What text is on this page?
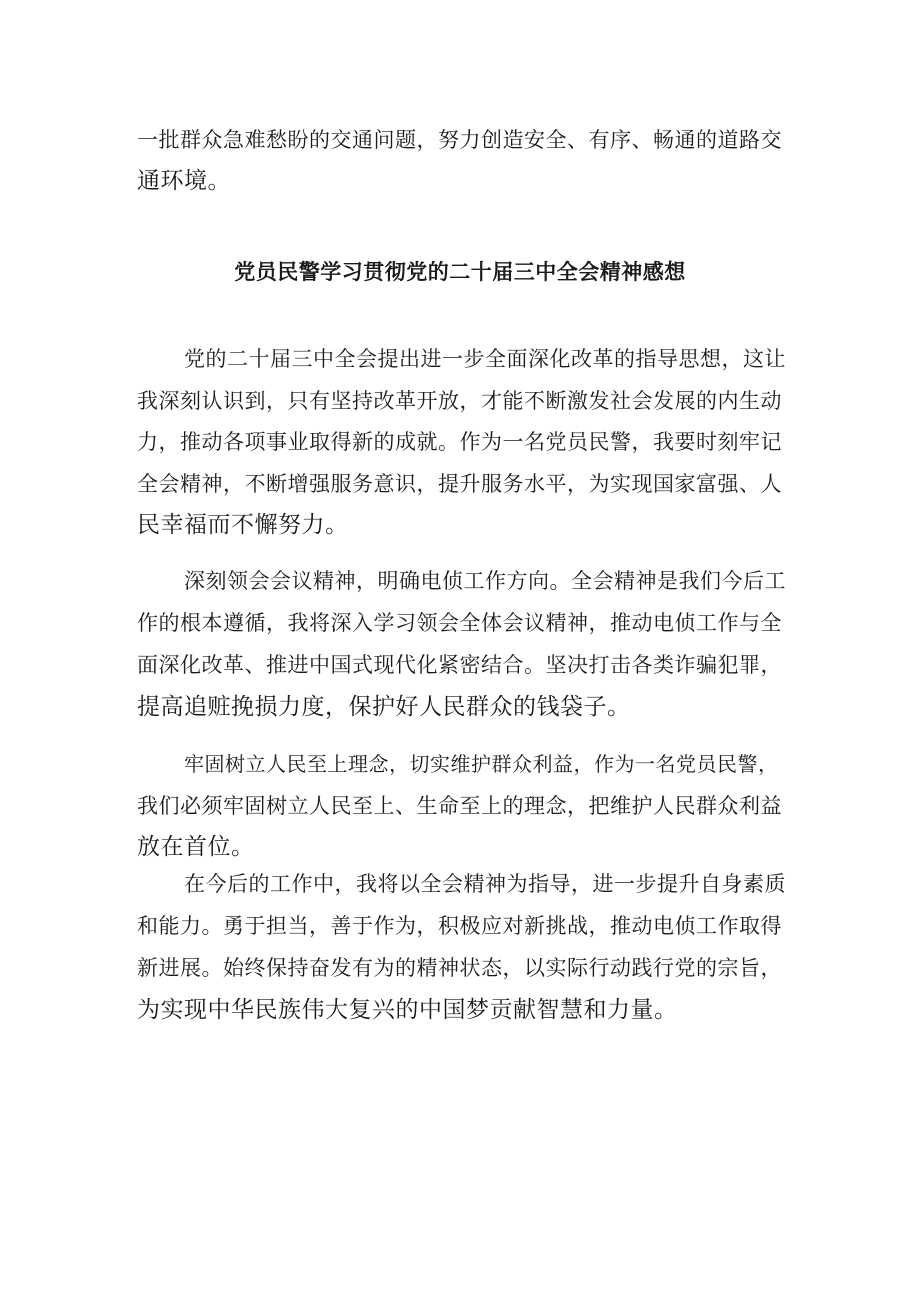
一批群众急难愁盼的交通问题，努力创造安全、有序、畅通的道路交
通环境。
党员民警学习贯彻党的二十届三中全会精神感想
党的二十届三中全会提出进一步全面深化改革的指导思想，这让
我深刻认识到，只有坚持改革开放，才能不断激发社会发展的内生动
力，推动各项事业取得新的成就。作为一名党员民警，我要时刻牢记
全会精神，不断增强服务意识，提升服务水平，为实现国家富强、人
民幸福而不懈努力。
深刻领会会议精神，明确电侦工作方向。全会精神是我们今后工
作的根本遵循，我将深入学习领会全体会议精神，推动电侦工作与全
面深化改革、推进中国式现代化紧密结合。坚决打击各类诈骗犯罪，
提高追赃挽损力度，保护好人民群众的钱袋子。
牢固树立人民至上理念，切实维护群众利益，作为一名党员民警，
我们必须牢固树立人民至上、生命至上的理念，把维护人民群众利益
放在首位。
在今后的工作中，我将以全会精神为指导，进一步提升自身素质
和能力。勇于担当，善于作为，积极应对新挑战，推动电侦工作取得
新进展。始终保持奋发有为的精神状态，以实际行动践行党的宗旨，
为实现中华民族伟大复兴的中国梦贡献智慧和力量。
